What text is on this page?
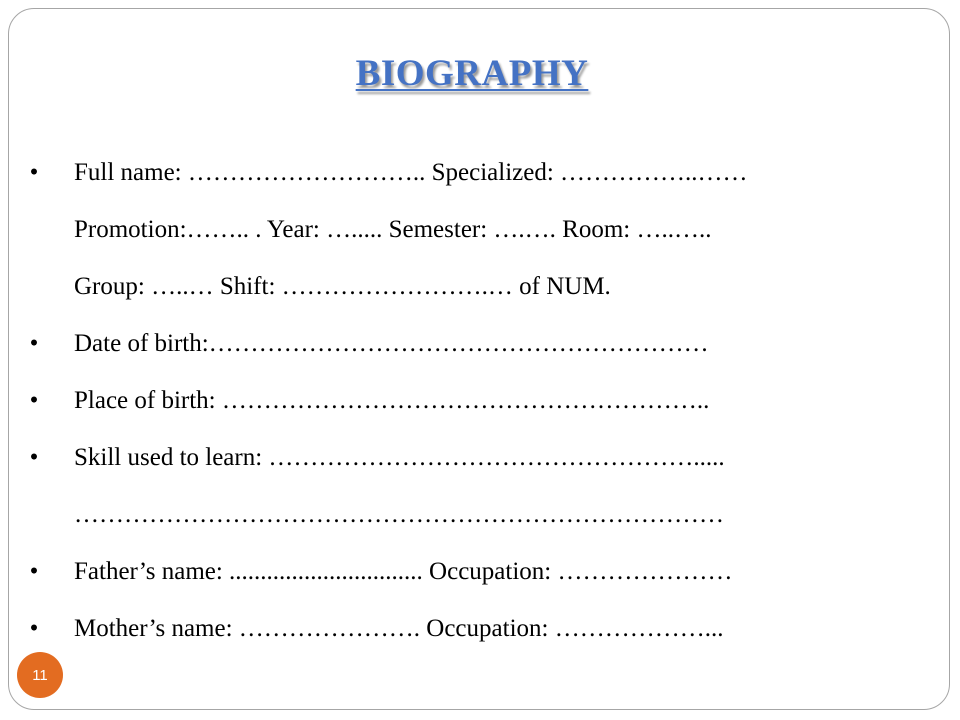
BIOGRAPHY
• Full name: ……………………….. Specialized: ……………..……
Promotion:…….. . Year: …..... Semester: ….…. Room: …..…..
Group: …..… Shift: …………………….… of NUM.
• Date of birth:……………………………………………………
• Place of birth: …………………………………………………..
• Skill used to learn: …………………………………………….....
……………………………………………………………………
• Father’s name: ............................... Occupation: …………………
• Mother’s name: …………………. Occupation: ………………...
11
